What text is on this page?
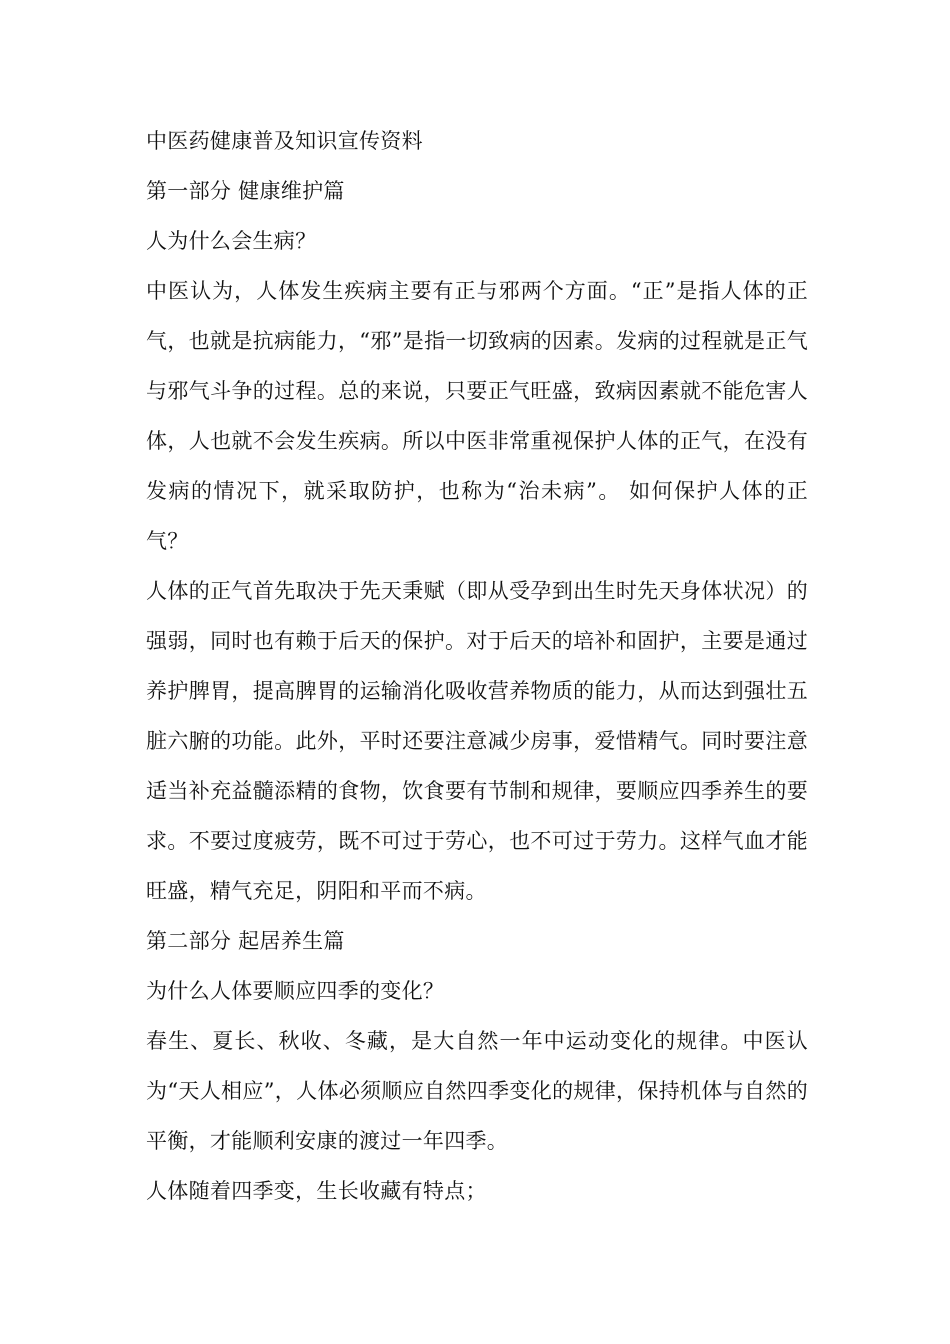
中医药健康普及知识宣传资料

第一部分 健康维护篇

人为什么会生病？

中医认为，人体发生疾病主要有正与邪两个方面。“正”是指人体的正气，也就是抗病能力，“邪”是指一切致病的因素。发病的过程就是正气与邪气斗争的过程。总的来说，只要正气旺盛，致病因素就不能危害人体，人也就不会发生疾病。所以中医非常重视保护人体的正气，在没有发病的情况下，就采取防护，也称为“治未病”。 如何保护人体的正气？

人体的正气首先取决于先天秉赋（即从受孕到出生时先天身体状况）的强弱，同时也有赖于后天的保护。对于后天的培补和固护，主要是通过养护脾胃，提高脾胃的运输消化吸收营养物质的能力，从而达到强壮五脏六腑的功能。此外，平时还要注意减少房事，爱惜精气。同时要注意适当补充益髓添精的食物，饮食要有节制和规律，要顺应四季养生的要求。不要过度疲劳，既不可过于劳心，也不可过于劳力。这样气血才能旺盛，精气充足，阴阳和平而不病。

第二部分 起居养生篇

为什么人体要顺应四季的变化？

春生、夏长、秋收、冬藏，是大自然一年中运动变化的规律。中医认为“天人相应”，人体必须顺应自然四季变化的规律，保持机体与自然的平衡，才能顺利安康的渡过一年四季。

人体随着四季变，生长收藏有特点；
